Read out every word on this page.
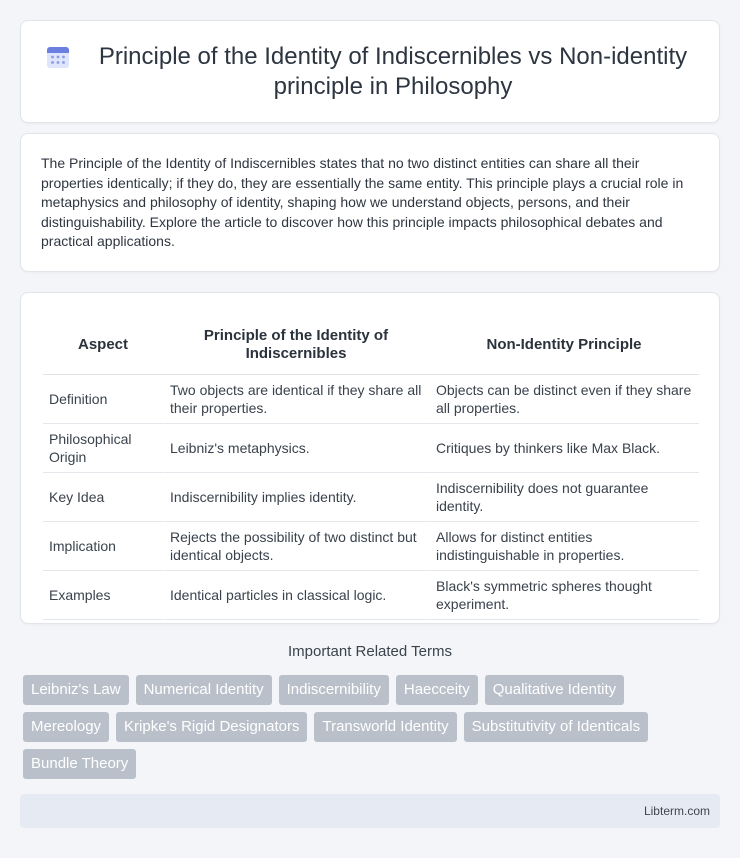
Principle of the Identity of Indiscernibles vs Non-identity principle in Philosophy

The Principle of the Identity of Indiscernibles states that no two distinct entities can share all their properties identically; if they do, they are essentially the same entity. This principle plays a crucial role in metaphysics and philosophy of identity, shaping how we understand objects, persons, and their distinguishability. Explore the article to discover how this principle impacts philosophical debates and practical applications.

Aspect	Principle of the Identity of Indiscernibles	Non-Identity Principle
Definition	Two objects are identical if they share all their properties.	Objects can be distinct even if they share all properties.
Philosophical Origin	Leibniz's metaphysics.	Critiques by thinkers like Max Black.
Key Idea	Indiscernibility implies identity.	Indiscernibility does not guarantee identity.
Implication	Rejects the possibility of two distinct but identical objects.	Allows for distinct entities indistinguishable in properties.
Examples	Identical particles in classical logic.	Black's symmetric spheres thought experiment.
Important Related Terms
Leibniz's Law	Numerical Identity	Indiscernibility	Haecceity	Qualitative Identity
Mereology	Kripke's Rigid Designators	Transworld Identity	Substitutivity of Identicals
Bundle Theory
Libterm.com
